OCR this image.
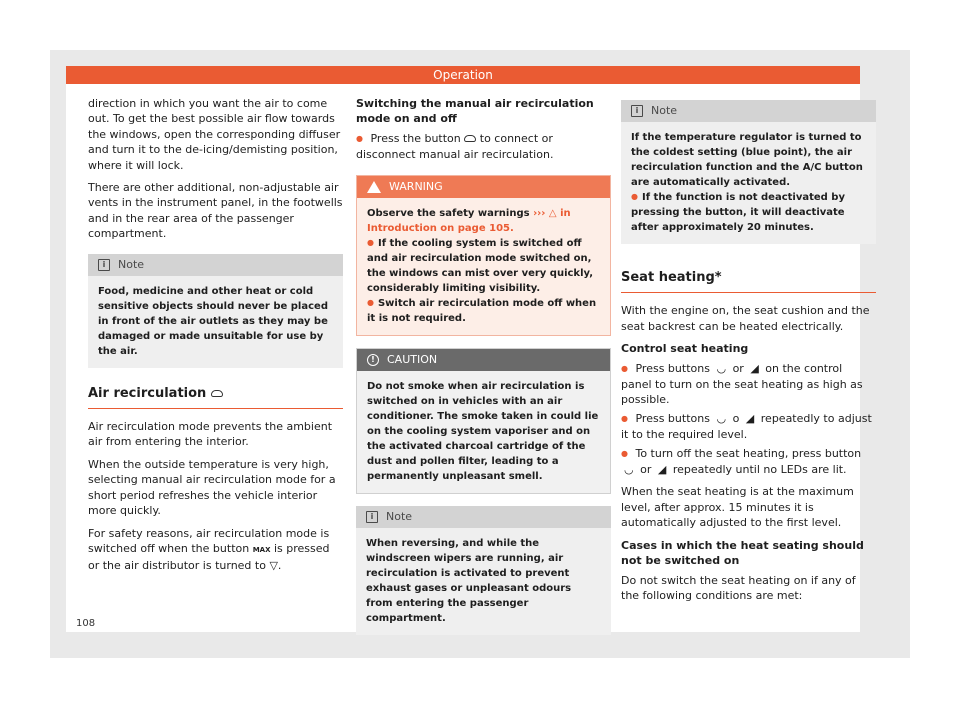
Operation

direction in which you want the air to come out. To get the best possible air flow towards the windows, open the corresponding diffuser and turn it to the de-icing/demisting position, where it will lock.

There are other additional, non-adjustable air vents in the instrument panel, in the footwells and in the rear area of the passenger compartment.

i	Note
Food, medicine and other heat or cold sensitive objects should never be placed in front of the air outlets as they may be damaged or made unsuitable for use by the air.
Air recirculation

Air recirculation mode prevents the ambient air from entering the interior.

When the outside temperature is very high, selecting manual air recirculation mode for a short period refreshes the vehicle interior more quickly.

For safety reasons, air recirculation mode is switched off when the button MAX is pressed or the air distributor is turned to ▽.

Switching the manual air recirculation mode on and off

● Press the button to connect or disconnect manual air recirculation.

WARNING
Observe the safety warnings ››› △ in Introduction on page 105.
● If the cooling system is switched off and air recirculation mode switched on, the windows can mist over very quickly, considerably limiting visibility.
● Switch air recirculation mode off when it is not required.
!	CAUTION
Do not smoke when air recirculation is switched on in vehicles with an air conditioner. The smoke taken in could lie on the cooling system vaporiser and on the activated charcoal cartridge of the dust and pollen filter, leading to a permanently unpleasant smell.
i	Note
When reversing, and while the windscreen wipers are running, air recirculation is activated to prevent exhaust gases or unpleasant odours from entering the passenger compartment.
i	Note
If the temperature regulator is turned to the coldest setting (blue point), the air recirculation function and the A/C button are automatically activated.
● If the function is not deactivated by pressing the button, it will deactivate after approximately 20 minutes.
Seat heating*

With the engine on, the seat cushion and the seat backrest can be heated electrically.

Control seat heating

● Press buttons ◡ or ◢ on the control panel to turn on the seat heating as high as possible.

● Press buttons ◡ o ◢ repeatedly to adjust it to the required level.

● To turn off the seat heating, press button ◡ or ◢ repeatedly until no LEDs are lit.

When the seat heating is at the maximum level, after approx. 15 minutes it is automatically adjusted to the first level.

Cases in which the heat seating should not be switched on

Do not switch the seat heating on if any of the following conditions are met:

108
